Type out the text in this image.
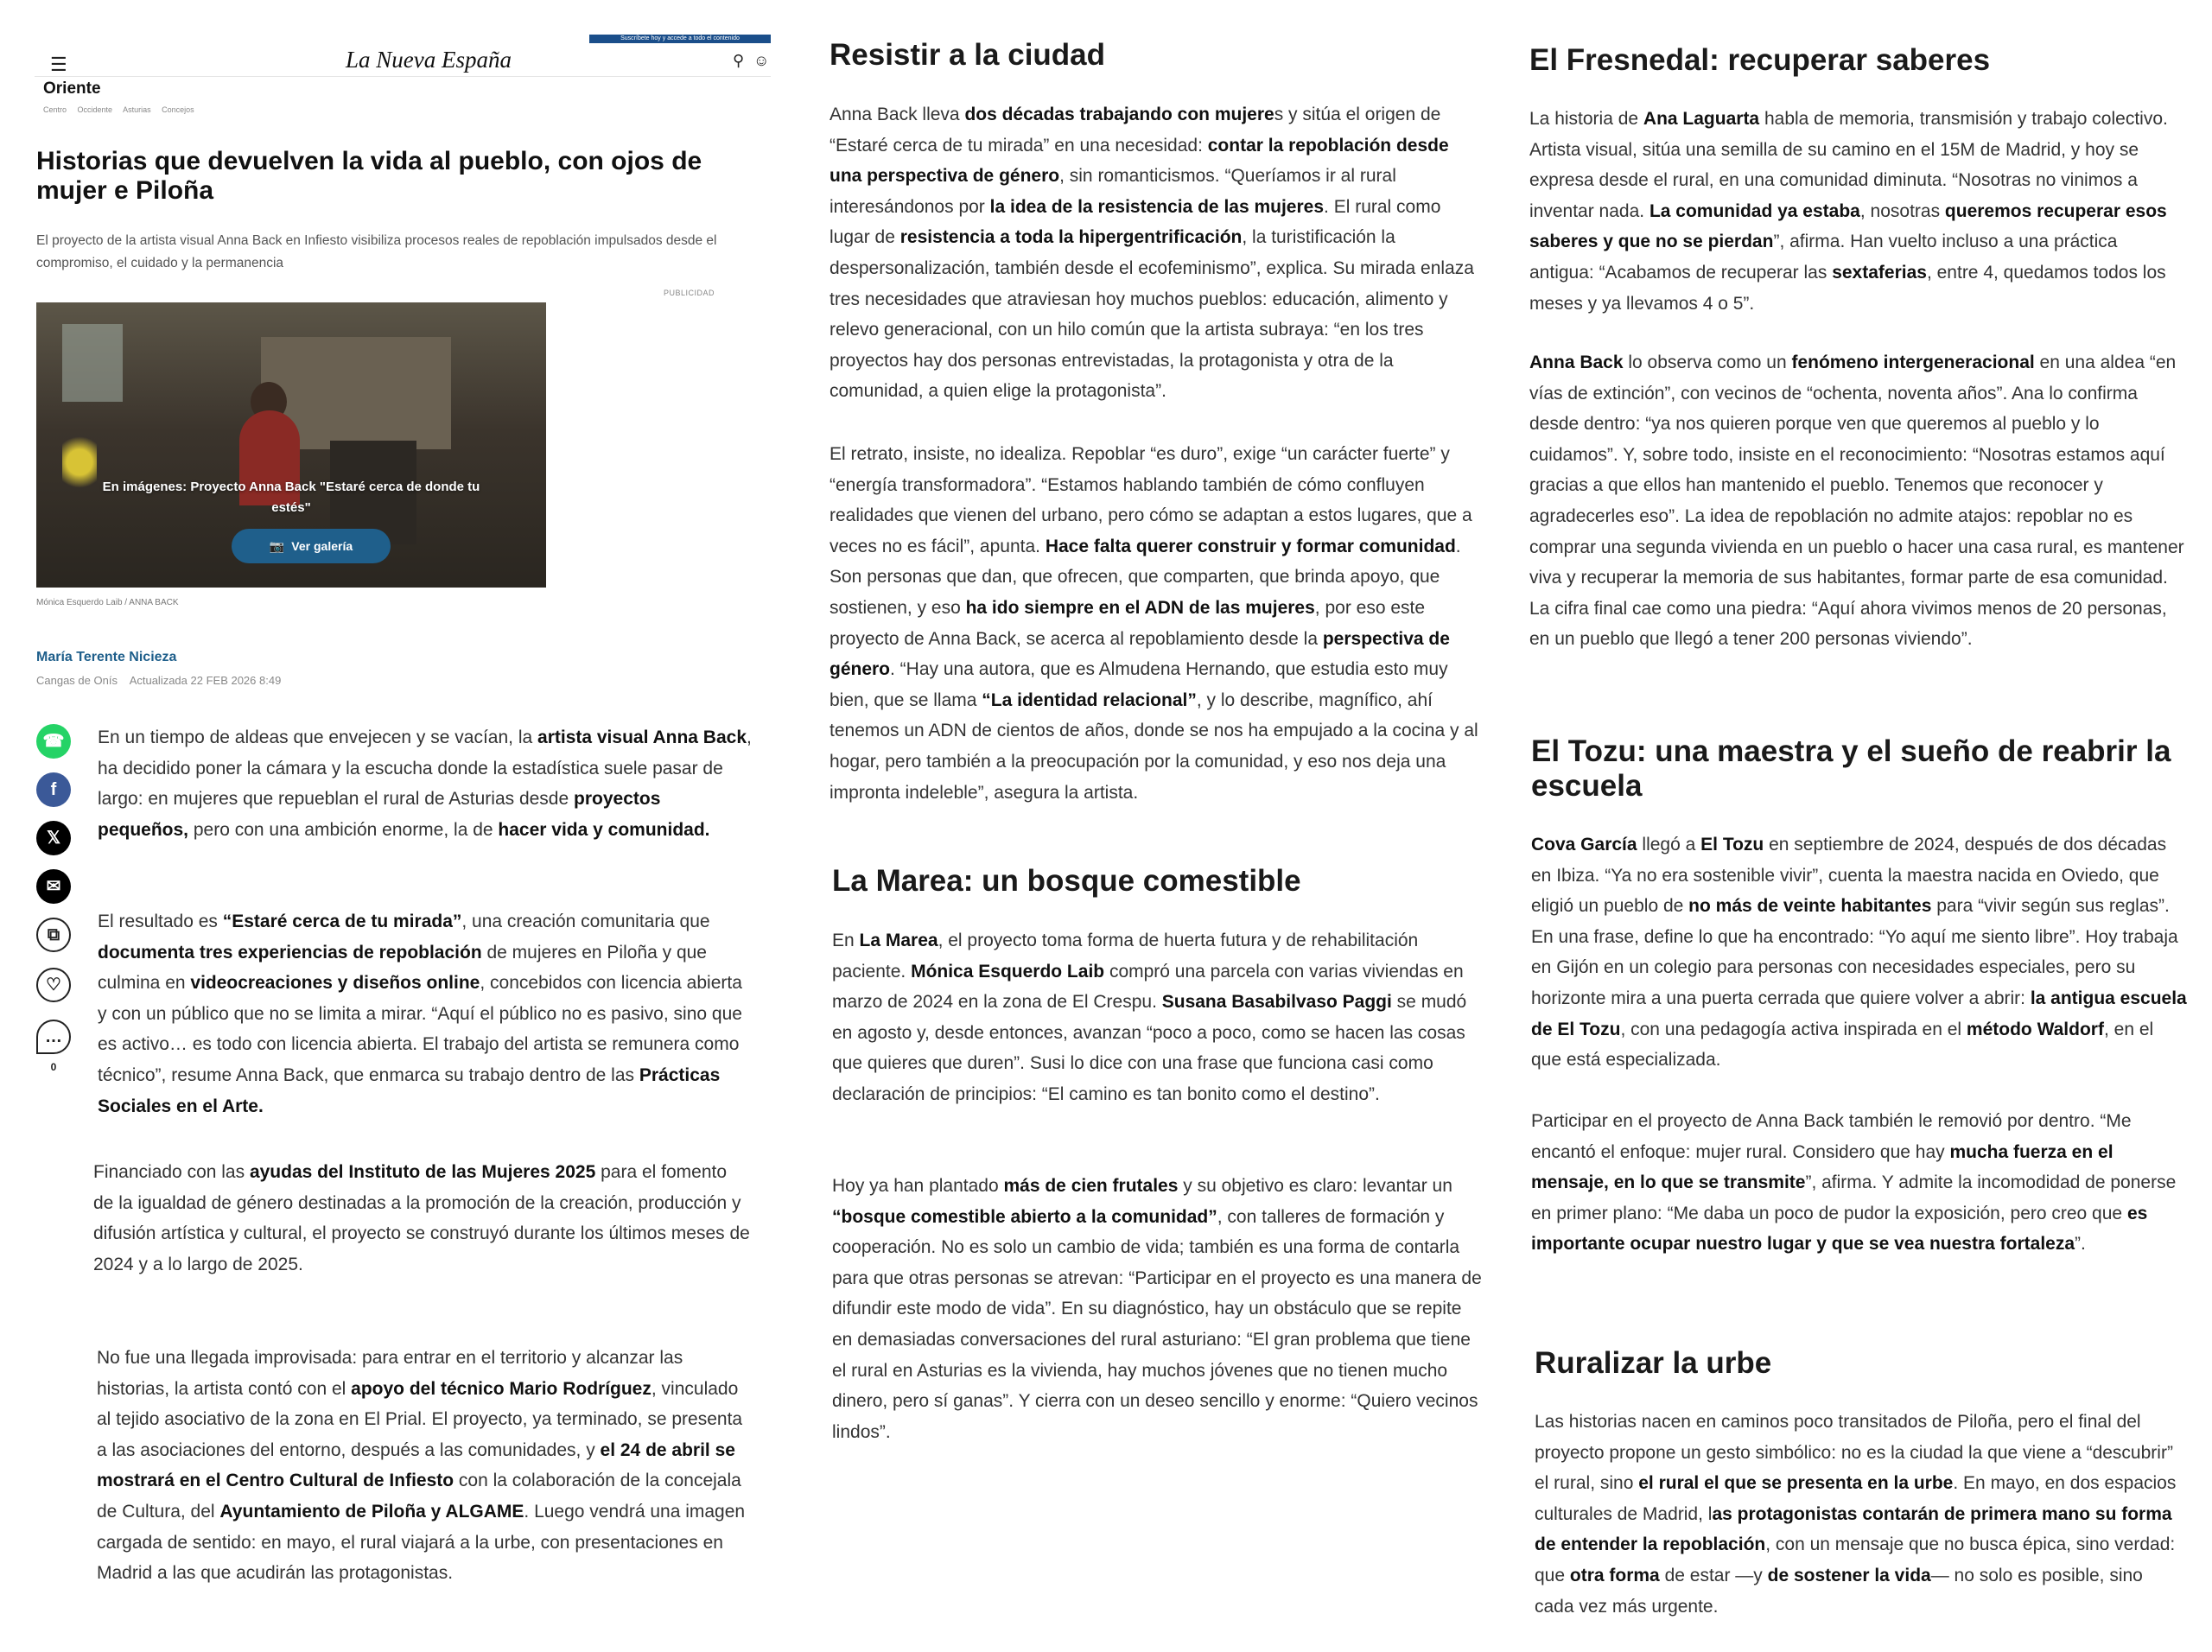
Suscríbete hoy y accede a todo el contenido
☰	La Nueva España	⚲ ☺
Oriente
Centro Occidente Asturias Concejos
Historias que devuelven la vida al pueblo, con ojos de mujer e Piloña
El proyecto de la artista visual Anna Back en Infiesto visibiliza procesos reales de repoblación impulsados desde el compromiso, el cuidado y la permanencia
PUBLICIDAD
En imágenes: Proyecto Anna Back "Estaré cerca de donde tu estés"
📷 Ver galería
Mónica Esquerdo Laib / ANNA BACK
María Terente Nicieza
Cangas de Onís Actualizada 22 FEB 2026 8:49
☎
f
𝕏
✉
⧉
♡
…
0

En un tiempo de aldeas que envejecen y se vacían, la artista visual Anna Back, ha decidido poner la cámara y la escucha donde la estadística suele pasar de largo: en mujeres que repueblan el rural de Asturias desde proyectos pequeños, pero con una ambición enorme, la de hacer vida y comunidad.

El resultado es “Estaré cerca de tu mirada”, una creación comunitaria que documenta tres experiencias de repoblación de mujeres en Piloña y que culmina en videocreaciones y diseños online, concebidos con licencia abierta y con un público que no se limita a mirar. “Aquí el público no es pasivo, sino que es activo… es todo con licencia abierta. El trabajo del artista se remunera como técnico”, resume Anna Back, que enmarca su trabajo dentro de las Prácticas Sociales en el Arte.

Financiado con las ayudas del Instituto de las Mujeres 2025 para el fomento de la igualdad de género destinadas a la promoción de la creación, producción y difusión artística y cultural, el proyecto se construyó durante los últimos meses de 2024 y a lo largo de 2025.

No fue una llegada improvisada: para entrar en el territorio y alcanzar las historias, la artista contó con el apoyo del técnico Mario Rodríguez, vinculado al tejido asociativo de la zona en El Prial. El proyecto, ya terminado, se presenta a las asociaciones del entorno, después a las comunidades, y el 24 de abril se mostrará en el Centro Cultural de Infiesto con la colaboración de la concejala de Cultura, del Ayuntamiento de Piloña y ALGAME. Luego vendrá una imagen cargada de sentido: en mayo, el rural viajará a la urbe, con presentaciones en Madrid a las que acudirán las protagonistas.

Resistir a la ciudad

Anna Back lleva dos décadas trabajando con mujeres y sitúa el origen de “Estaré cerca de tu mirada” en una necesidad: contar la repoblación desde una perspectiva de género, sin romanticismos. “Queríamos ir al rural interesándonos por la idea de la resistencia de las mujeres. El rural como lugar de resistencia a toda la hipergentrificación, la turistificación la despersonalización, también desde el ecofeminismo”, explica. Su mirada enlaza tres necesidades que atraviesan hoy muchos pueblos: educación, alimento y relevo generacional, con un hilo común que la artista subraya: “en los tres proyectos hay dos personas entrevistadas, la protagonista y otra de la comunidad, a quien elige la protagonista”.

El retrato, insiste, no idealiza. Repoblar “es duro”, exige “un carácter fuerte” y “energía transformadora”. “Estamos hablando también de cómo confluyen realidades que vienen del urbano, pero cómo se adaptan a estos lugares, que a veces no es fácil”, apunta. Hace falta querer construir y formar comunidad. Son personas que dan, que ofrecen, que comparten, que brinda apoyo, que sostienen, y eso ha ido siempre en el ADN de las mujeres, por eso este proyecto de Anna Back, se acerca al repoblamiento desde la perspectiva de género. “Hay una autora, que es Almudena Hernando, que estudia esto muy bien, que se llama “La identidad relacional”, y lo describe, magnífico, ahí tenemos un ADN de cientos de años, donde se nos ha empujado a la cocina y al hogar, pero también a la preocupación por la comunidad, y eso nos deja una impronta indeleble”, asegura la artista.

La Marea: un bosque comestible

En La Marea, el proyecto toma forma de huerta futura y de rehabilitación paciente. Mónica Esquerdo Laib compró una parcela con varias viviendas en marzo de 2024 en la zona de El Crespu. Susana Basabilvaso Paggi se mudó en agosto y, desde entonces, avanzan “poco a poco, como se hacen las cosas que quieres que duren”. Susi lo dice con una frase que funciona casi como declaración de principios: “El camino es tan bonito como el destino”.

Hoy ya han plantado más de cien frutales y su objetivo es claro: levantar un “bosque comestible abierto a la comunidad”, con talleres de formación y cooperación. No es solo un cambio de vida; también es una forma de contarla para que otras personas se atrevan: “Participar en el proyecto es una manera de difundir este modo de vida”. En su diagnóstico, hay un obstáculo que se repite en demasiadas conversaciones del rural asturiano: “El gran problema que tiene el rural en Asturias es la vivienda, hay muchos jóvenes que no tienen mucho dinero, pero sí ganas”. Y cierra con un deseo sencillo y enorme: “Quiero vecinos lindos”.

El Fresnedal: recuperar saberes

La historia de Ana Laguarta habla de memoria, transmisión y trabajo colectivo. Artista visual, sitúa una semilla de su camino en el 15M de Madrid, y hoy se expresa desde el rural, en una comunidad diminuta. “Nosotras no vinimos a inventar nada. La comunidad ya estaba, nosotras queremos recuperar esos saberes y que no se pierdan”, afirma. Han vuelto incluso a una práctica antigua: “Acabamos de recuperar las sextaferias, entre 4, quedamos todos los meses y ya llevamos 4 o 5”.

Anna Back lo observa como un fenómeno intergeneracional en una aldea “en vías de extinción”, con vecinos de “ochenta, noventa años”. Ana lo confirma desde dentro: “ya nos quieren porque ven que queremos al pueblo y lo cuidamos”. Y, sobre todo, insiste en el reconocimiento: “Nosotras estamos aquí gracias a que ellos han mantenido el pueblo. Tenemos que reconocer y agradecerles eso”. La idea de repoblación no admite atajos: repoblar no es comprar una segunda vivienda en un pueblo o hacer una casa rural, es mantener viva y recuperar la memoria de sus habitantes, formar parte de esa comunidad. La cifra final cae como una piedra: “Aquí ahora vivimos menos de 20 personas, en un pueblo que llegó a tener 200 personas viviendo”.

El Tozu: una maestra y el sueño de reabrir la escuela

Cova García llegó a El Tozu en septiembre de 2024, después de dos décadas en Ibiza. “Ya no era sostenible vivir”, cuenta la maestra nacida en Oviedo, que eligió un pueblo de no más de veinte habitantes para “vivir según sus reglas”. En una frase, define lo que ha encontrado: “Yo aquí me siento libre”. Hoy trabaja en Gijón en un colegio para personas con necesidades especiales, pero su horizonte mira a una puerta cerrada que quiere volver a abrir: la antigua escuela de El Tozu, con una pedagogía activa inspirada en el método Waldorf, en el que está especializada.

Participar en el proyecto de Anna Back también le removió por dentro. “Me encantó el enfoque: mujer rural. Considero que hay mucha fuerza en el mensaje, en lo que se transmite”, afirma. Y admite la incomodidad de ponerse en primer plano: “Me daba un poco de pudor la exposición, pero creo que es importante ocupar nuestro lugar y que se vea nuestra fortaleza”.

Ruralizar la urbe

Las historias nacen en caminos poco transitados de Piloña, pero el final del proyecto propone un gesto simbólico: no es la ciudad la que viene a “descubrir” el rural, sino el rural el que se presenta en la urbe. En mayo, en dos espacios culturales de Madrid, las protagonistas contarán de primera mano su forma de entender la repoblación, con un mensaje que no busca épica, sino verdad: que otra forma de estar —y de sostener la vida— no solo es posible, sino cada vez más urgente.
